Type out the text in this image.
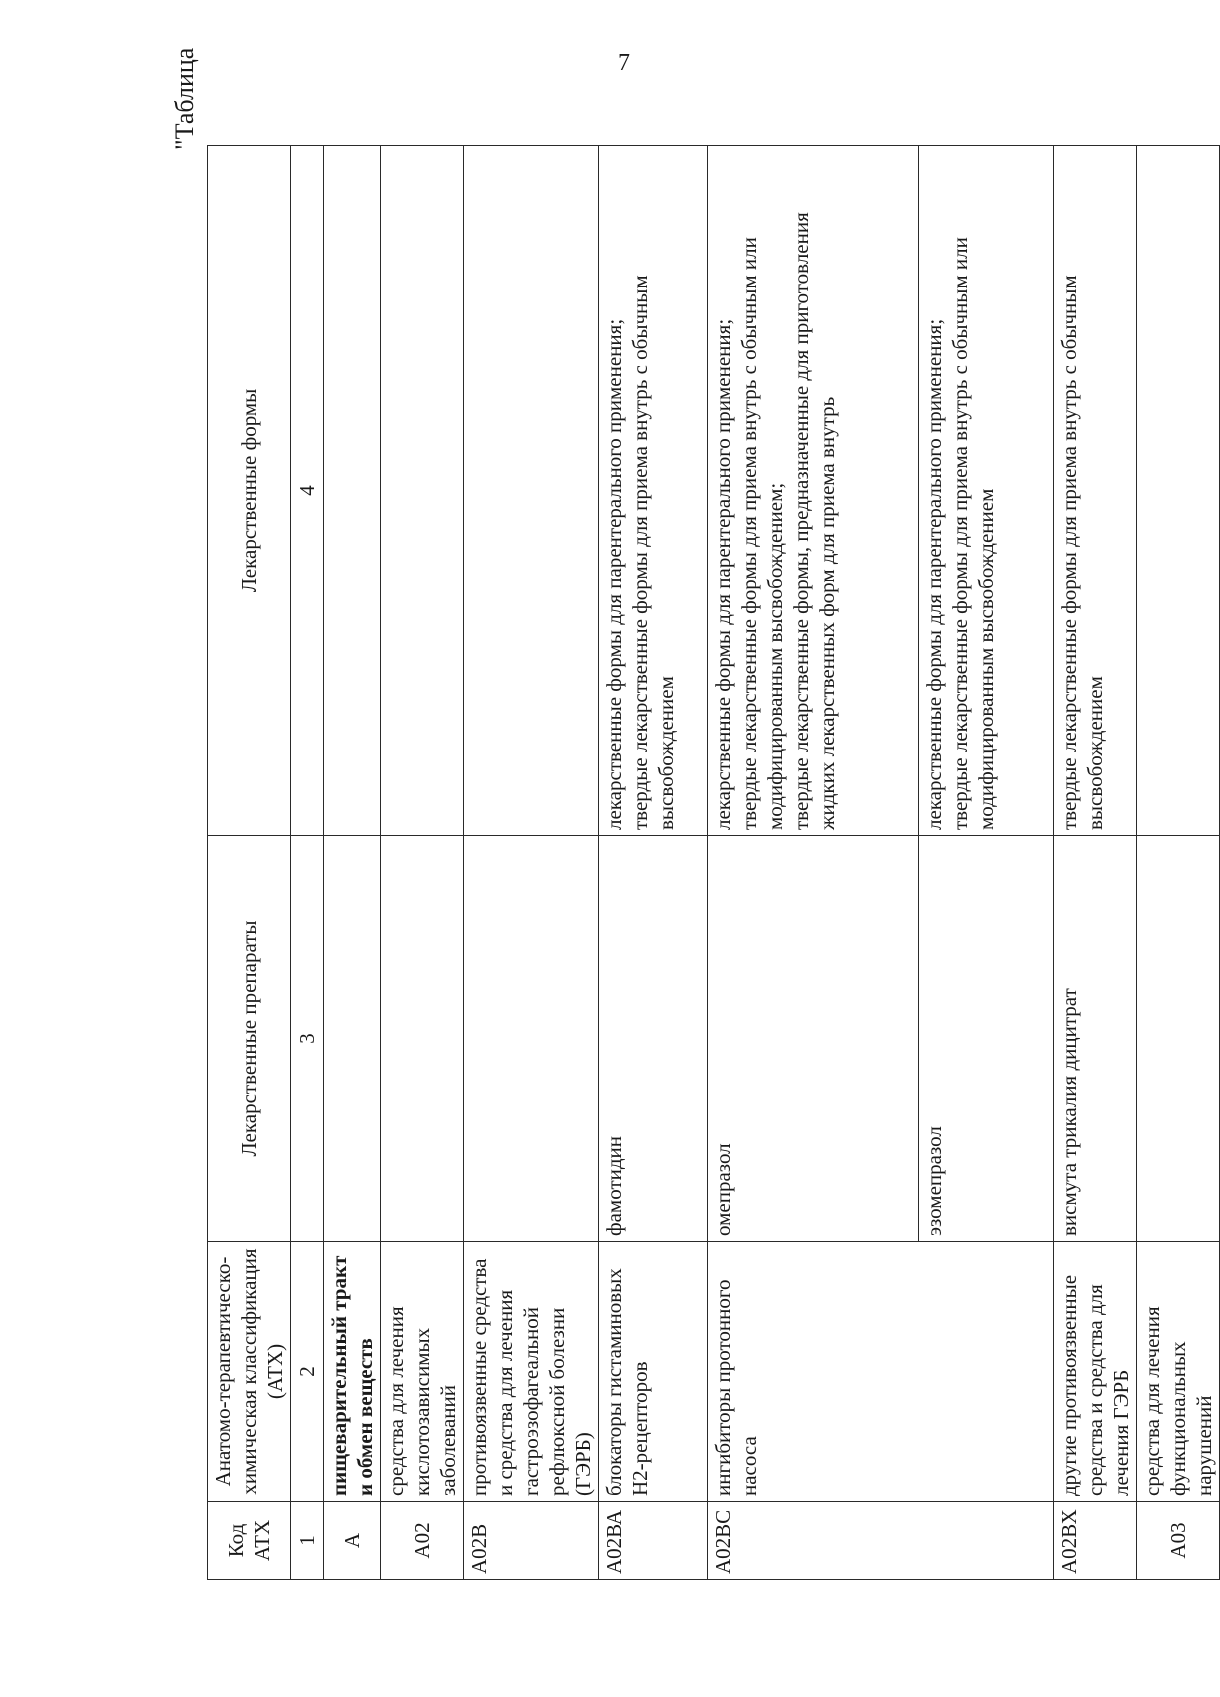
7
"Таблица
Код АТХ	Анатомо-терапевтическо-химическая классификация (АТХ)	Лекарственные препараты	Лекарственные формы
1	2	3	4
А	пищеварительный тракт и обмен веществ		
А02	средства для лечения кислотозависимых заболеваний		
А02В	противоязвенные средства и средства для лечения гастроэзофагеальной рефлюксной болезни (ГЭРБ)		
А02ВА	блокаторы гистаминовых Н2-рецепторов	фамотидин	лекарственные формы для парентерального применения; твердые лекарственные формы для приема внутрь с обычным высвобождением

А02ВС	ингибиторы протонного насоса	омепразол	лекарственные формы для парентерального применения; твердые лекарственные формы для приема внутрь с обычным или модифицированным высвобождением; твердые лекарственные формы, предназначенные для приготовления жидких лекарственных форм для приема внутрь

		эзомепразол	лекарственные формы для парентерального применения; твердые лекарственные формы для приема внутрь с обычным или модифицированным высвобождением

А02ВХ	другие противоязвенные средства и средства для лечения ГЭРБ	висмута трикалия дицитрат	твердые лекарственные формы для приема внутрь с обычным высвобождением

А03	средства для лечения функциональных нарушений		
